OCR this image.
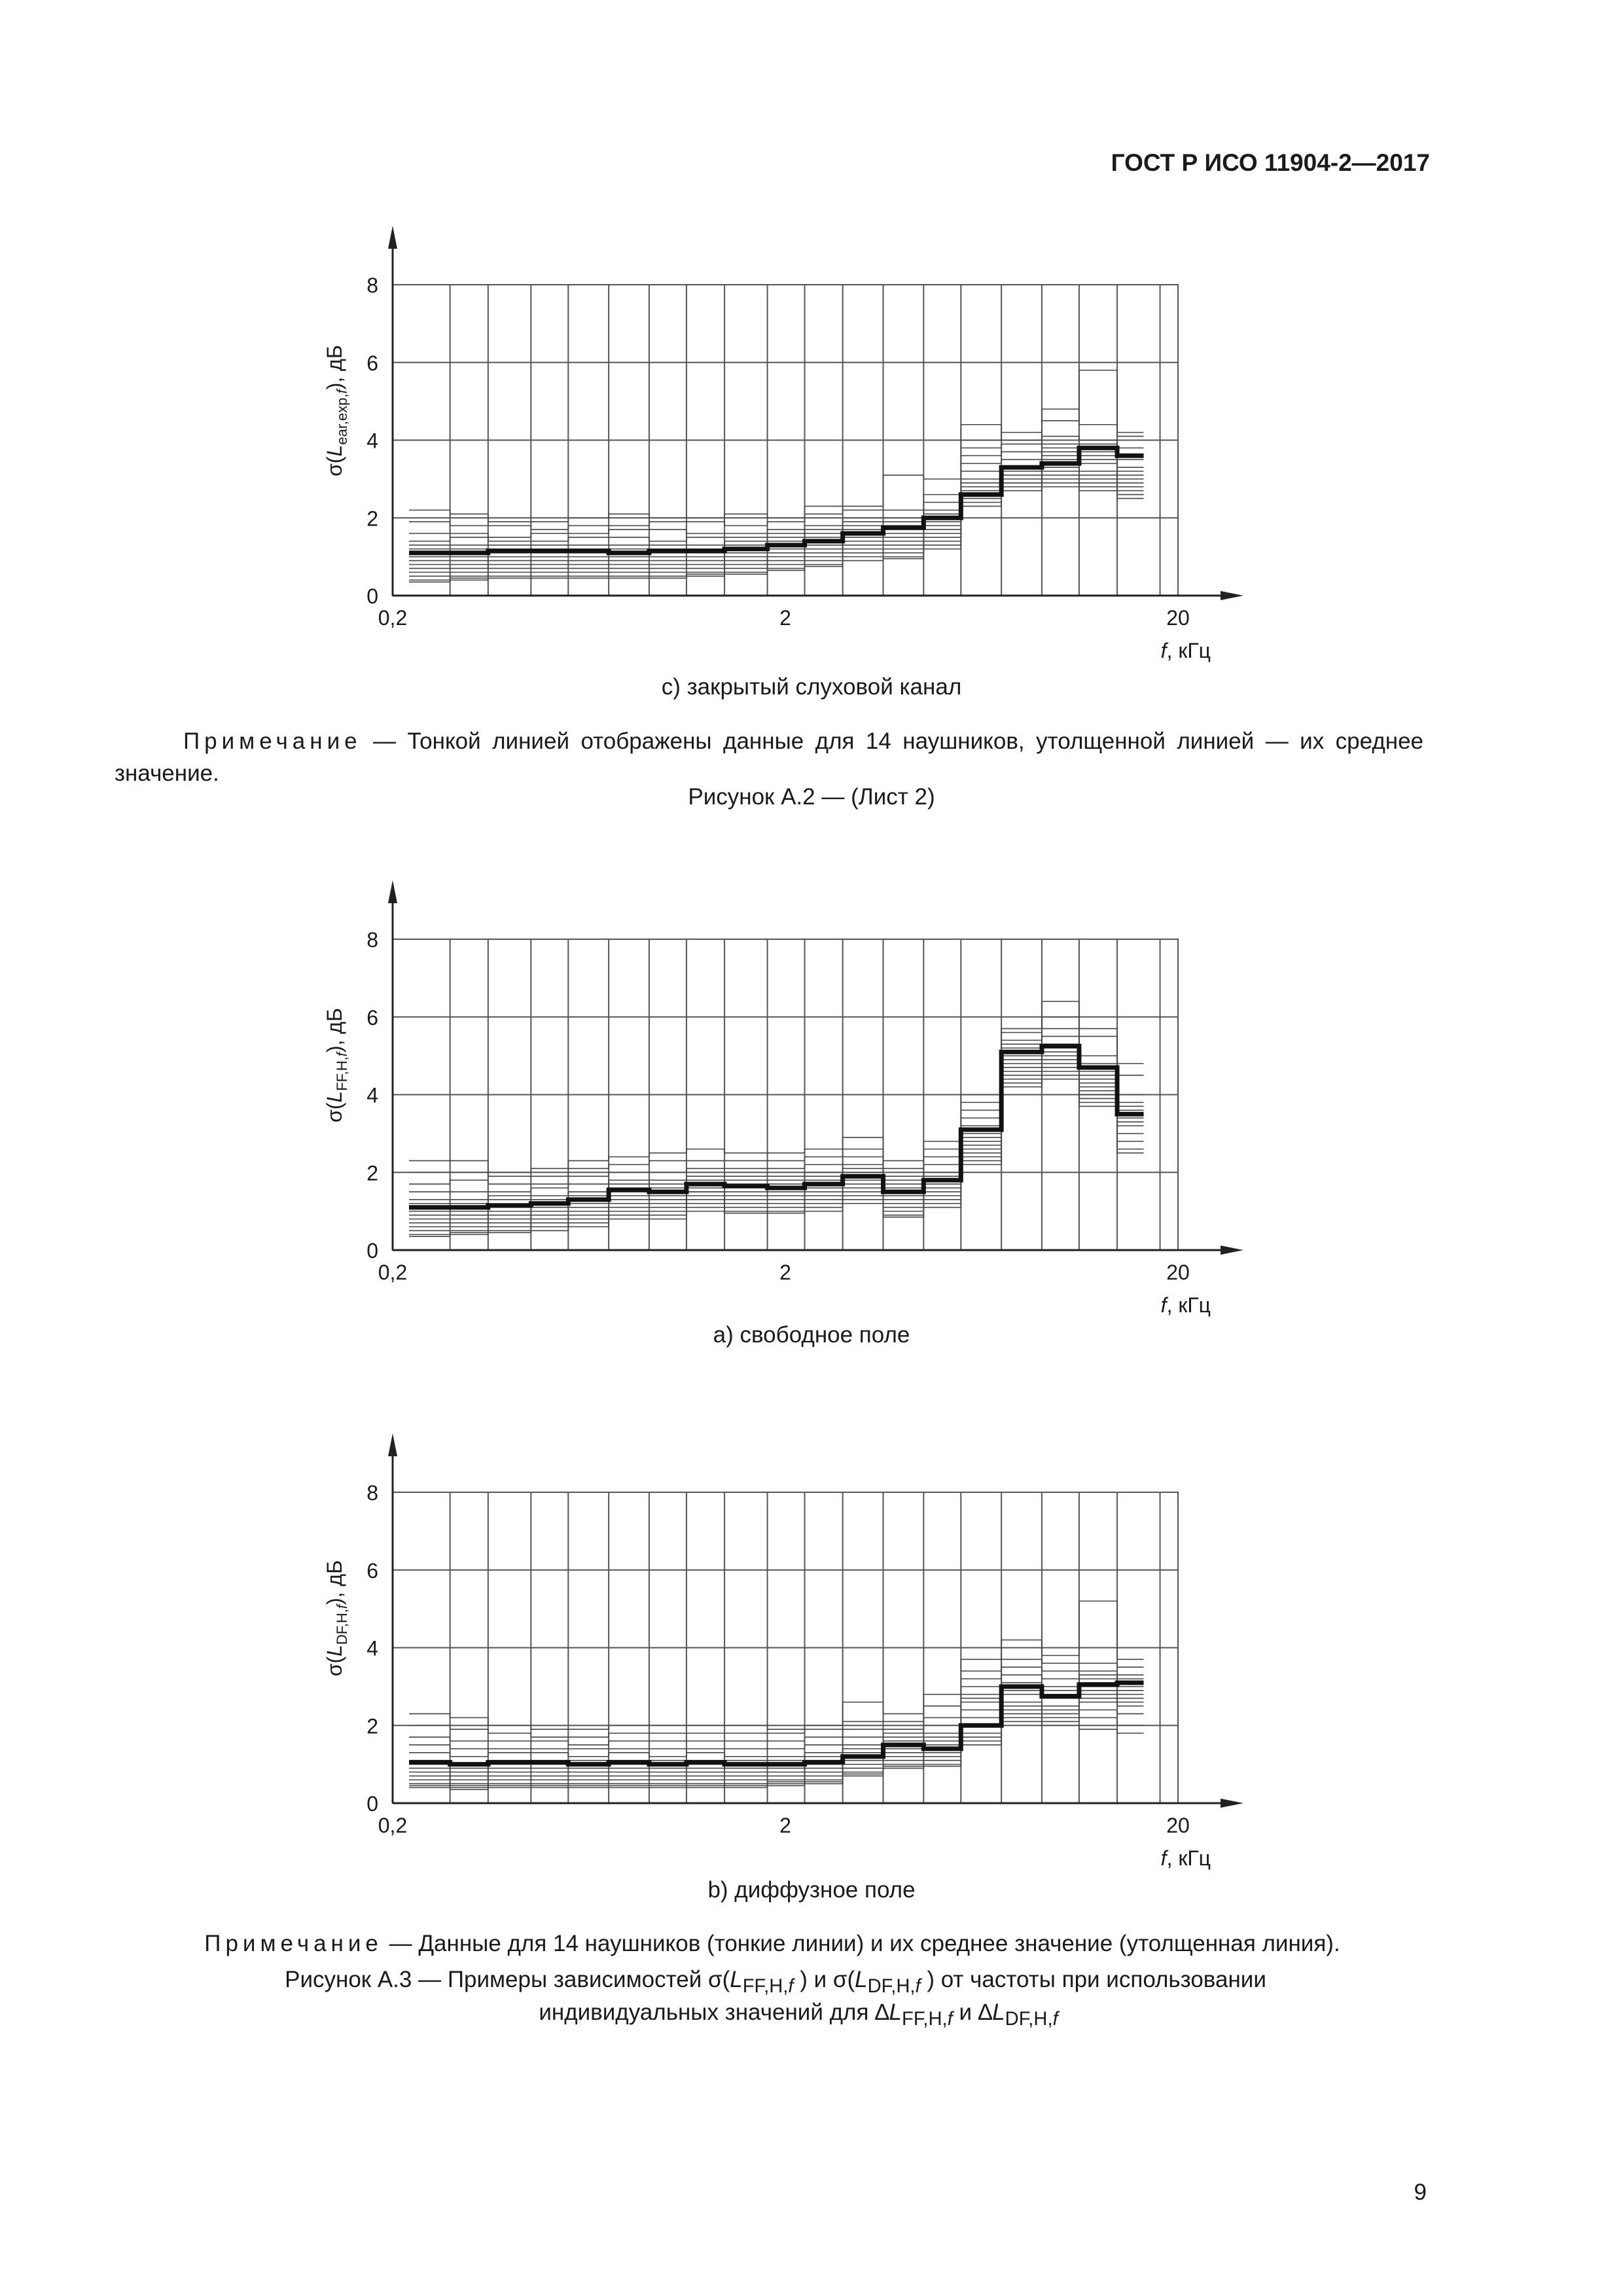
ГОСТ Р ИСО 11904-2—2017
0
2
4
6
8
0,2	2	20
f, кГц
$\sigma(L_{ear,exp,}f)$, дБ
с) закрытый слуховой канал

Примечание — Тонкой линией отображены данные для 14 наушников, утолщенной линией — их среднее значение.

Рисунок А.2 — (Лист 2)
0
2
4
6
8
0,2	2	20
f, кГц
$\sigma(L_{FF,H,}f)$, дБ
а) свободное поле
0
2
4
6
8
0,2	2	20
f, кГц
$\sigma(L_{DF,H,}f)$, дБ
b) диффузное поле
Примечание — Данные для 14 наушников (тонкие линии) и их среднее значение (утолщенная линия).
Рисунок А.3 — Примеры зависимостей $\sigma(L_{FF,H,f}$ ) и $\sigma(L_{DF,H,f}$ ) от частоты при использовании
индивидуальных значений для $\Delta L_{FF,H,f}$ и $\Delta L_{DF,H,f}$
9
